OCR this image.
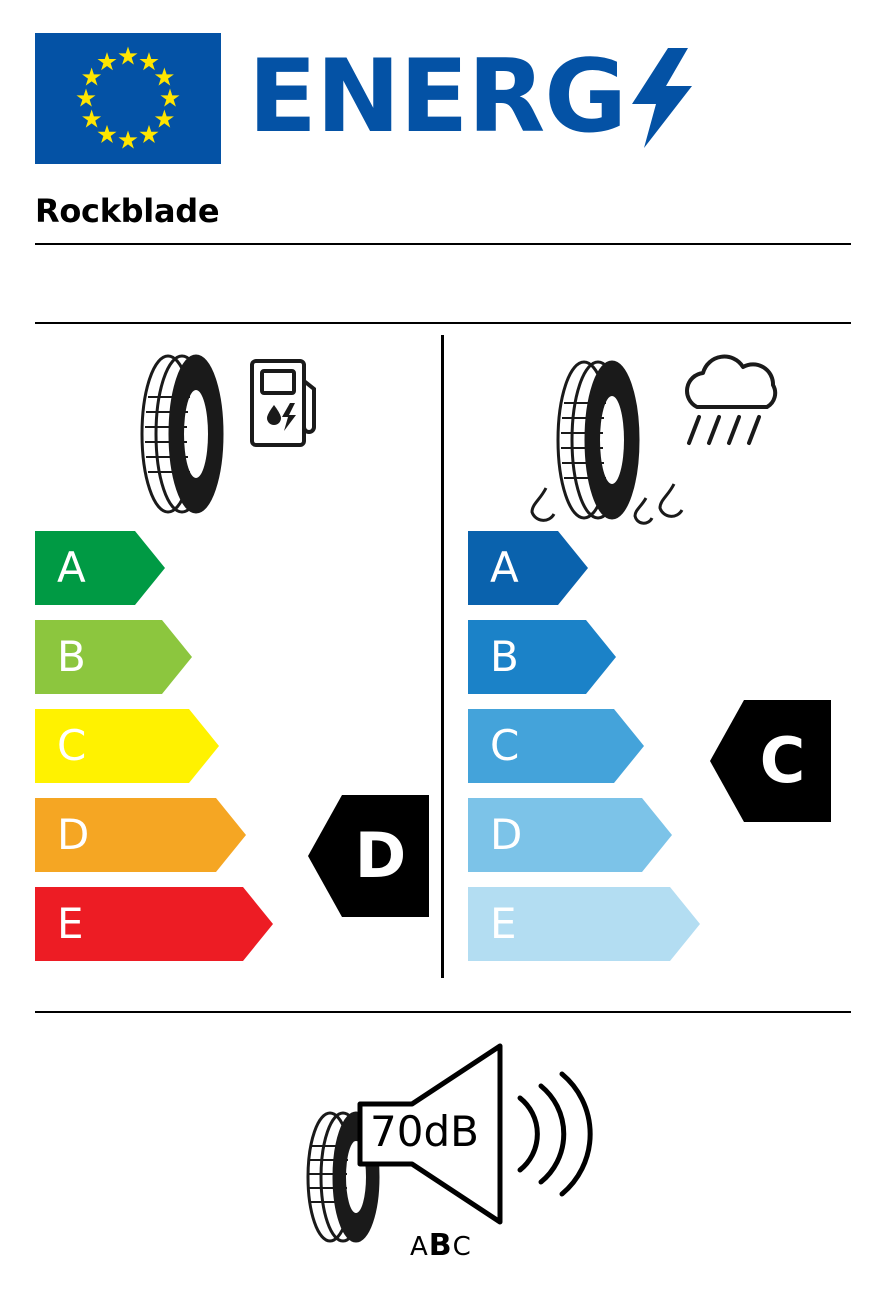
ENERG
Rockblade
A
B
C
D
E
D
A
B
C
D
E
C
70dB
ABC
